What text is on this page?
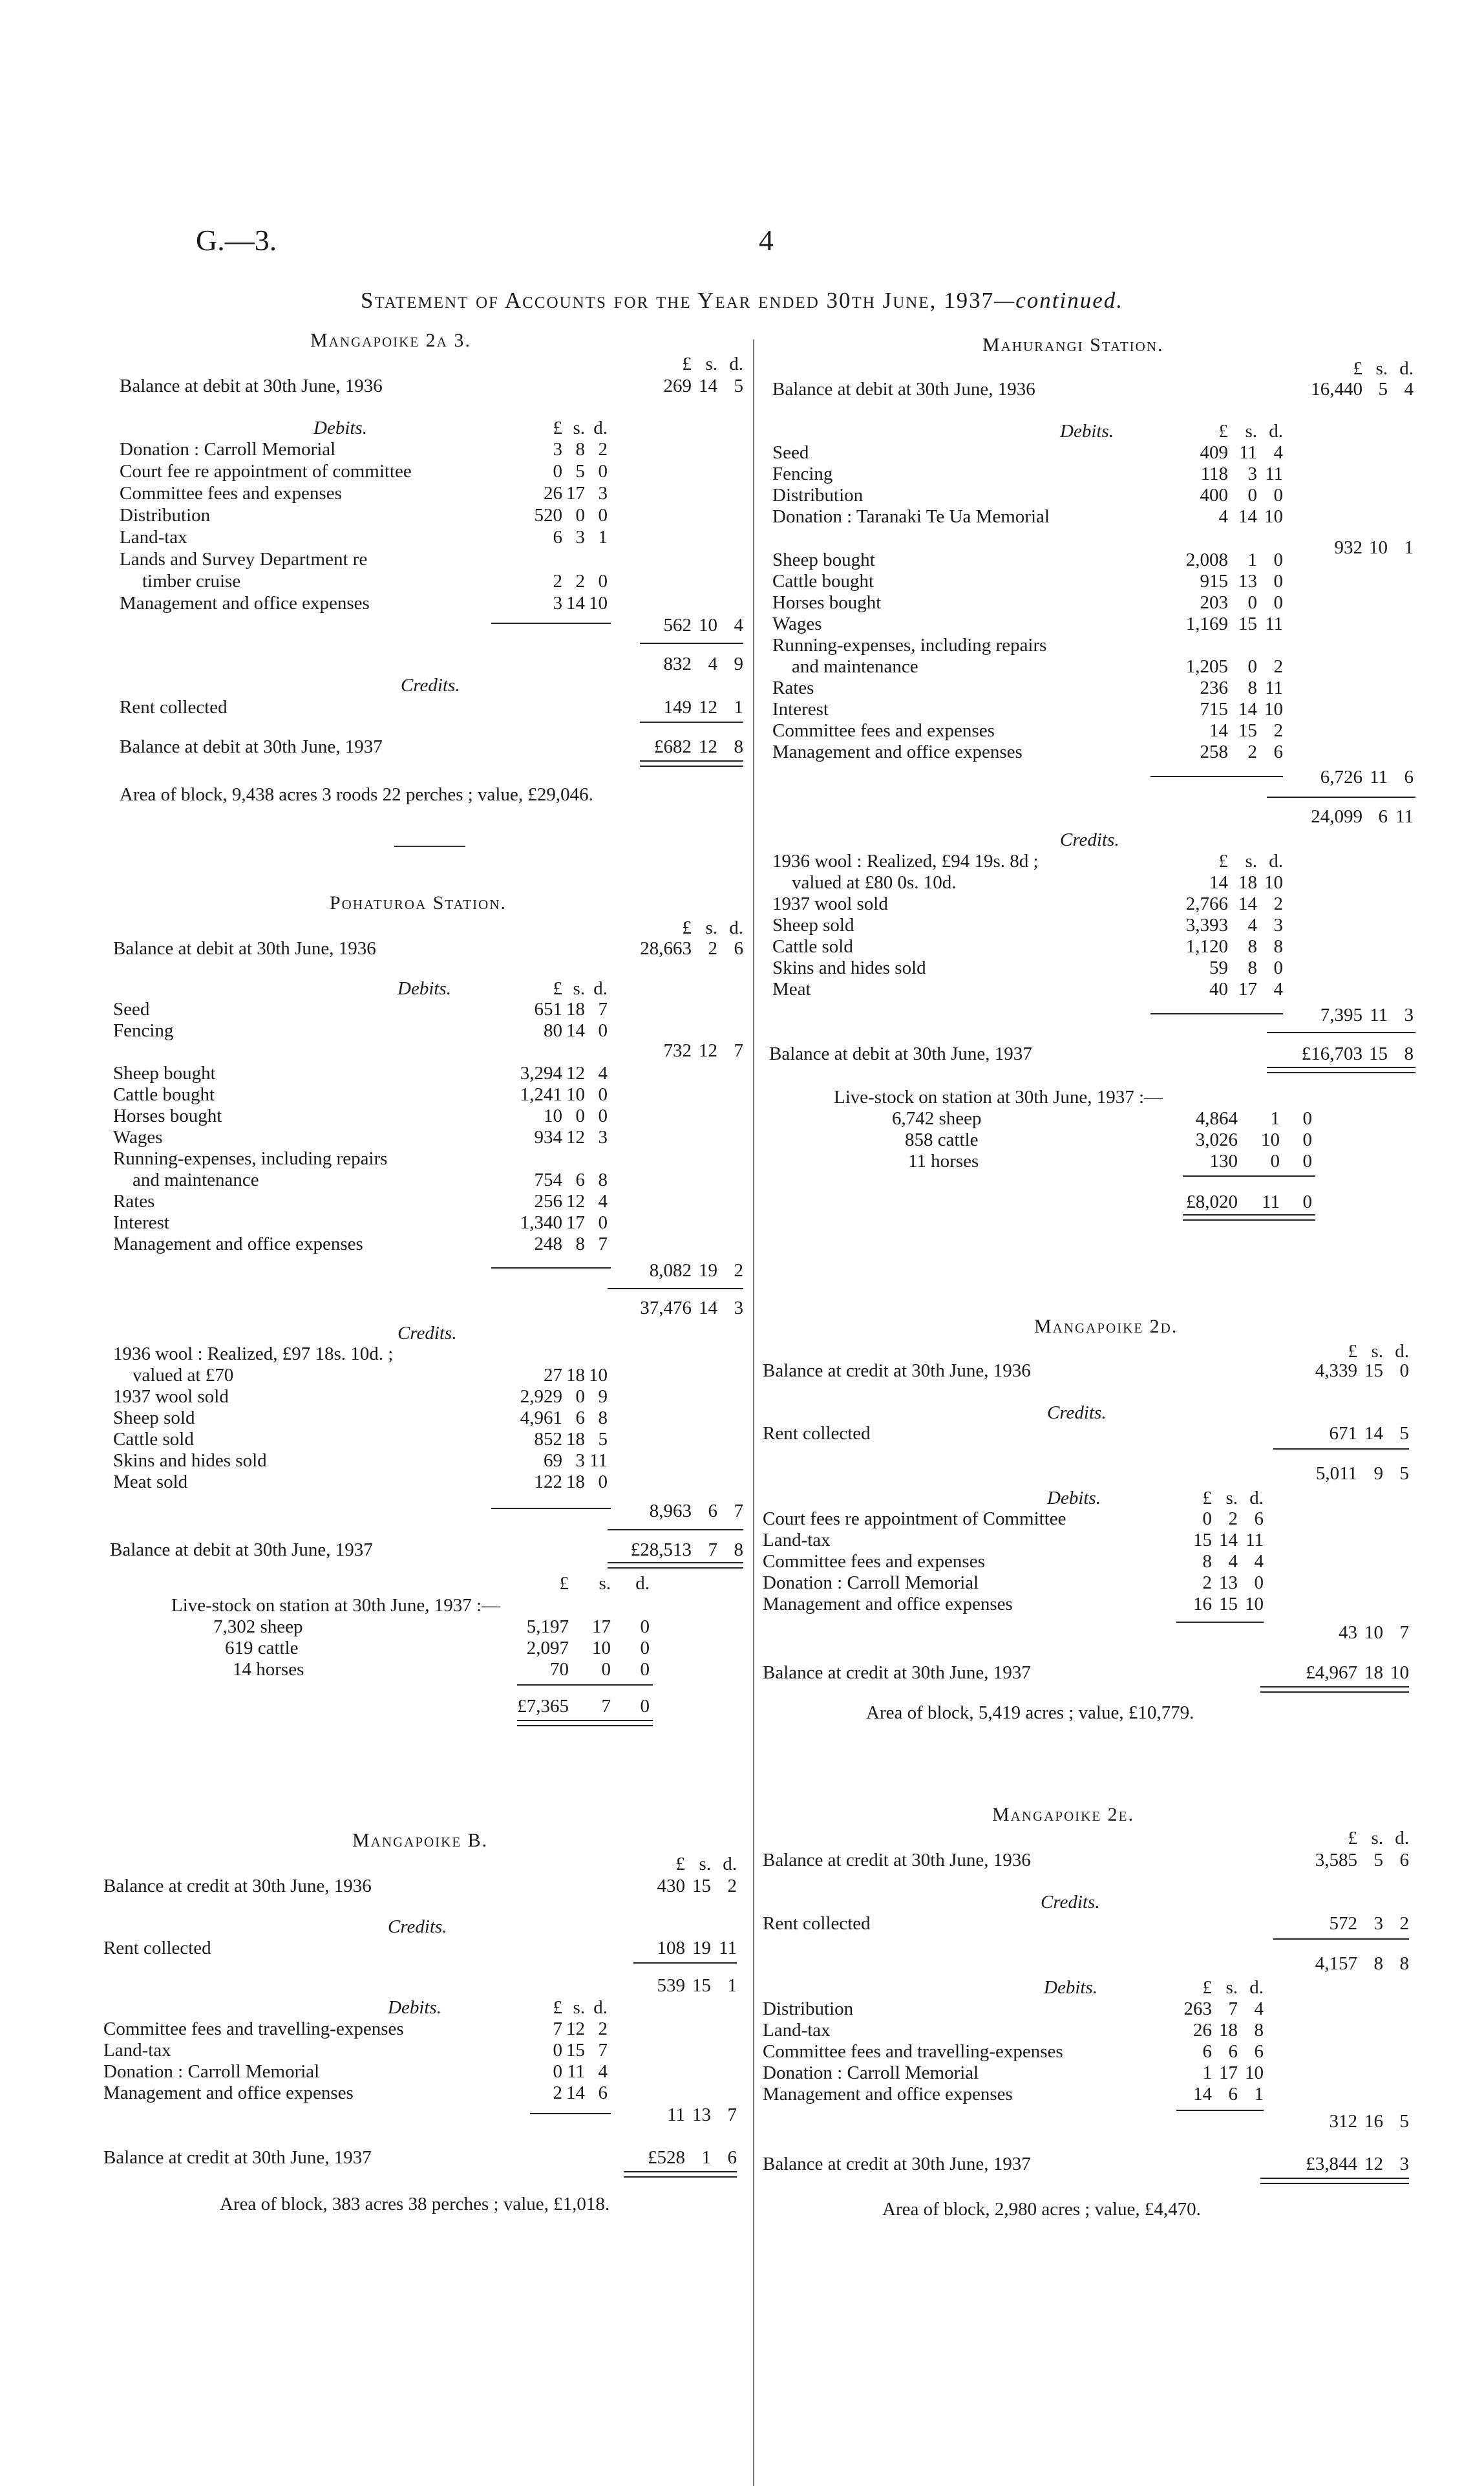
G.—3.	4
Statement of Accounts for the Year ended 30th June, 1937—continued.
Mangapoike 2a 3.
£ s. d.
Balance at debit at 30th June, 1936	269 14 5
Debits.	£ s. d.
Donation : Carroll Memorial	3 8 2
Court fee re appointment of committee	0 5 0
Committee fees and expenses	26 17 3
Distribution	520 0 0
Land-tax	6 3 1
Lands and Survey Department re
timber cruise	2 2 0
Management and office expenses	3 14 10
562 10 4
832 4 9
Credits.
Rent collected	149 12 1
Balance at debit at 30th June, 1937	£682 12 8
Area of block, 9,438 acres 3 roods 22 perches ; value, £29,046.
Pohaturoa Station.
£ s. d.
Balance at debit at 30th June, 1936	28,663 2 6
Debits.	£ s. d.
Seed	651 18 7
Fencing	80 14 0
732 12 7
Sheep bought	3,294 12 4
Cattle bought	1,241 10 0
Horses bought	10 0 0
Wages	934 12 3
Running-expenses, including repairs
and maintenance	754 6 8
Rates	256 12 4
Interest	1,340 17 0
Management and office expenses	248 8 7
8,082 19 2
37,476 14 3
Credits.
1936 wool : Realized, £97 18s. 10d. ;
valued at £70	27 18 10
1937 wool sold	2,929 0 9
Sheep sold	4,961 6 8
Cattle sold	852 18 5
Skins and hides sold	69 3 11
Meat sold	122 18 0
8,963 6 7
Balance at debit at 30th June, 1937	£28,513 7 8
£	s.	d.
Live-stock on station at 30th June, 1937 :—
7,302 sheep	5,197	17	0
619 cattle	2,097	10	0
14 horses	70	0	0
£7,365	7	0
Mangapoike B.
£ s. d.
Balance at credit at 30th June, 1936	430 15 2
Credits.
Rent collected	108 19 11
539 15 1
Debits.	£ s. d.
Committee fees and travelling-expenses	7 12 2
Land-tax	0 15 7
Donation : Carroll Memorial	0 11 4
Management and office expenses	2 14 6
11 13 7
Balance at credit at 30th June, 1937	£528 1 6
Area of block, 383 acres 38 perches ; value, £1,018.
Mahurangi Station.
£ s. d.
Balance at debit at 30th June, 1936	16,440 5 4
Debits.	£ s. d.
Seed	409 11 4
Fencing	118	3 11
Distribution	400	0 0
Donation : Taranaki Te Ua Memorial	4 14 10
932 10 1
Sheep bought	2,008	1 0
Cattle bought	915 13 0
Horses bought	203	0 0
Wages	1,169 15 11
Running-expenses, including repairs
and maintenance	1,205	0 2
Rates	236	8 11
Interest	715 14 10
Committee fees and expenses	14 15 2
Management and office expenses	258	2 6
6,726 11 6
24,099 6 11
Credits.
1936 wool : Realized, £94 19s. 8d ;
valued at £80 0s. 10d.	14 18 10
1937 wool sold	2,766 14 2
Sheep sold	3,393	4 3
Cattle sold	1,120	8 8
Skins and hides sold	59	8 0
Meat	40 17 4
£ s. d.
7,395 11 3
Balance at debit at 30th June, 1937	£16,703 15 8
Live-stock on station at 30th June, 1937 :—
6,742 sheep	4,864	1	0
858 cattle	3,026	10	0
11 horses	130	0	0
£8,020	11	0
Mangapoike 2d.
£ s. d.
Balance at credit at 30th June, 1936	4,339 15 0
Credits.
Rent collected	671 14 5
5,011 9 5
Debits.	£ s. d.
Court fees re appointment of Committee	0 2 6
Land-tax	15 14 11
Committee fees and expenses	8 4 4
Donation : Carroll Memorial	2 13 0
Management and office expenses	16 15 10
43 10 7
Balance at credit at 30th June, 1937	£4,967 18 10
Area of block, 5,419 acres ; value, £10,779.
Mangapoike 2e.
£ s. d.
Balance at credit at 30th June, 1936	3,585 5 6
Credits.
Rent collected	572 3 2
4,157 8 8
Debits.	£ s. d.
Distribution	263 7 4
Land-tax	26 18 8
Committee fees and travelling-expenses	6 6 6
Donation : Carroll Memorial	1 17 10
Management and office expenses	14 6 1
312 16 5
Balance at credit at 30th June, 1937	£3,844 12 3
Area of block, 2,980 acres ; value, £4,470.
